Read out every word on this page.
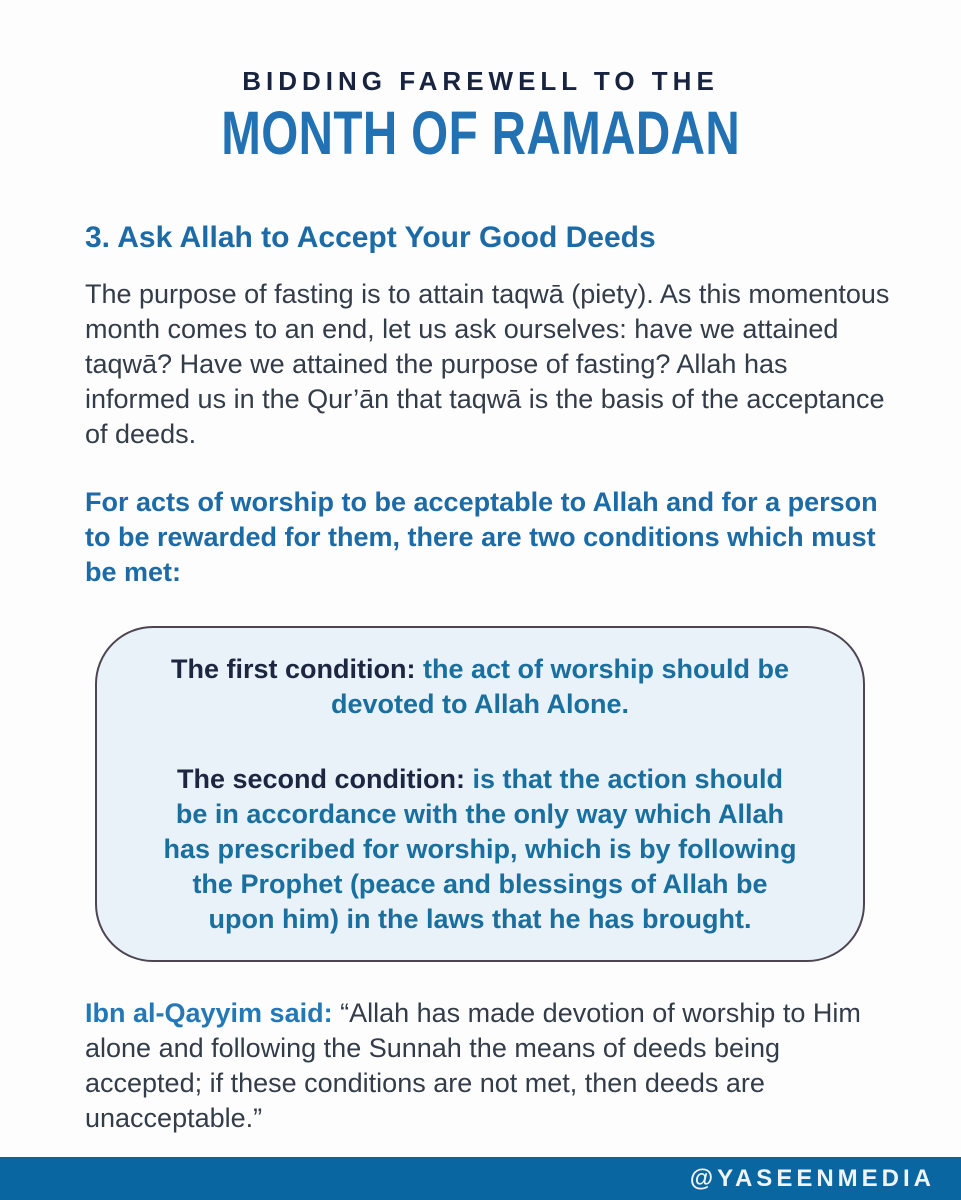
BIDDING FAREWELL TO THE
MONTH OF RAMADAN
3. Ask Allah to Accept Your Good Deeds

The purpose of fasting is to attain taqwā (piety). As this momentous month comes to an end, let us ask ourselves: have we attained taqwā? Have we attained the purpose of fasting? Allah has informed us in the Qur’ān that taqwā is the basis of the acceptance of deeds.

For acts of worship to be acceptable to Allah and for a person to be rewarded for them, there are two conditions which must be met:

The first condition: the act of worship should be devoted to Allah Alone.

The second condition: is that the action should be in accordance with the only way which Allah has prescribed for worship, which is by following the Prophet (peace and blessings of Allah be upon him) in the laws that he has brought.

Ibn al-Qayyim said: “Allah has made devotion of worship to Him alone and following the Sunnah the means of deeds being accepted; if these conditions are not met, then deeds are unacceptable.”

@YASEENMEDIA
